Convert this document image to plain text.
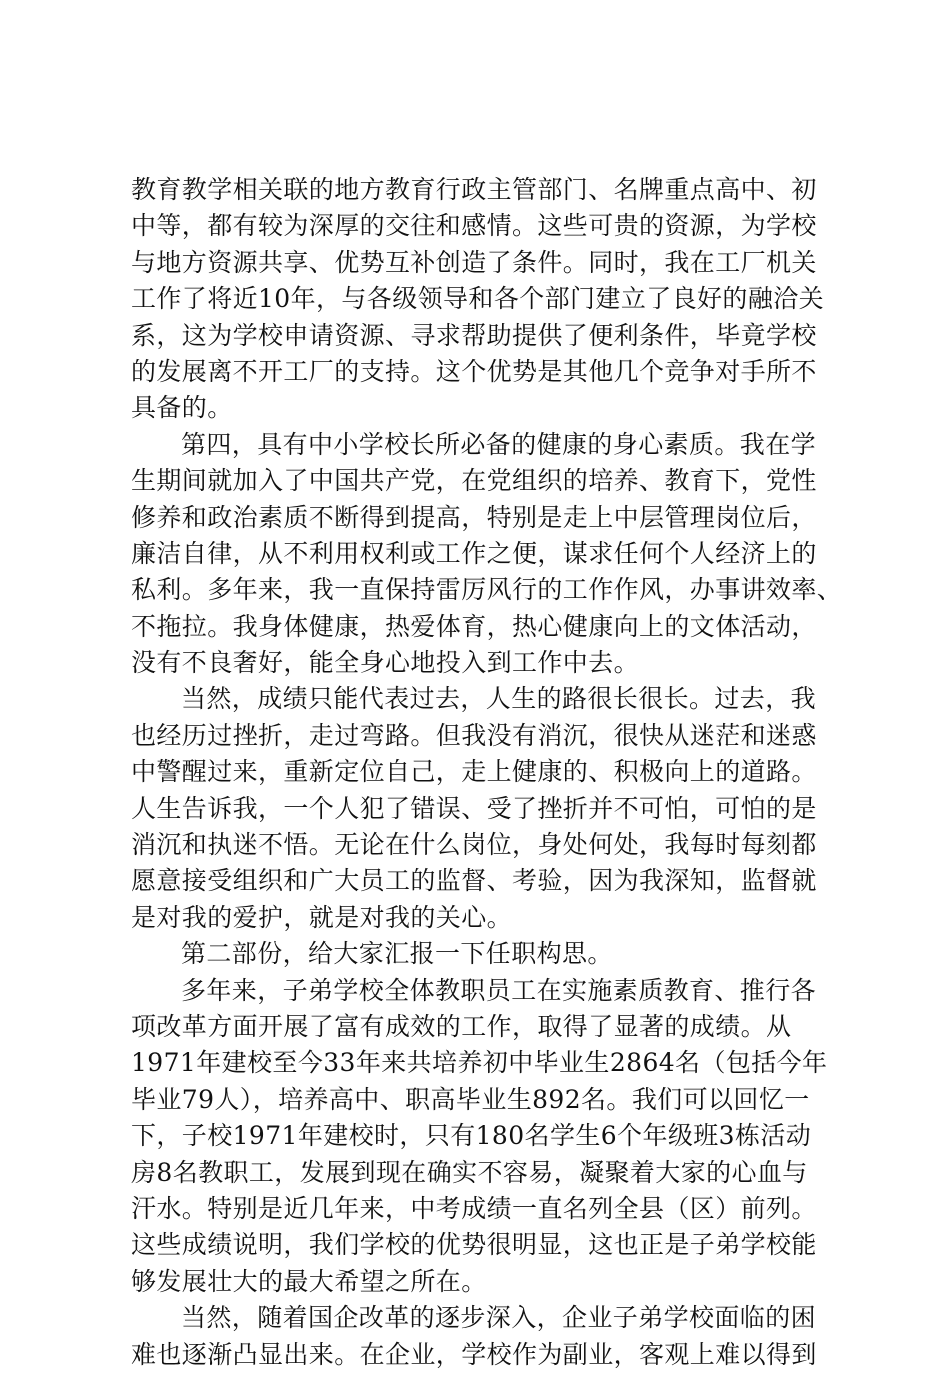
教育教学相关联的地方教育行政主管部门、名牌重点高中、初
中等，都有较为深厚的交往和感情。这些可贵的资源，为学校
与地方资源共享、优势互补创造了条件。同时，我在工厂机关
工作了将近10年，与各级领导和各个部门建立了良好的融洽关
系，这为学校申请资源、寻求帮助提供了便利条件，毕竟学校
的发展离不开工厂的支持。这个优势是其他几个竞争对手所不
具备的。
第四，具有中小学校长所必备的健康的身心素质。我在学
生期间就加入了中国共产党，在党组织的培养、教育下，党性
修养和政治素质不断得到提高，特别是走上中层管理岗位后，
廉洁自律，从不利用权利或工作之便，谋求任何个人经济上的
私利。多年来，我一直保持雷厉风行的工作作风，办事讲效率、
不拖拉。我身体健康，热爱体育，热心健康向上的文体活动，
没有不良奢好，能全身心地投入到工作中去。
当然，成绩只能代表过去，人生的路很长很长。过去，我
也经历过挫折，走过弯路。但我没有消沉，很快从迷茫和迷惑
中警醒过来，重新定位自己，走上健康的、积极向上的道路。
人生告诉我，一个人犯了错误、受了挫折并不可怕，可怕的是
消沉和执迷不悟。无论在什么岗位，身处何处，我每时每刻都
愿意接受组织和广大员工的监督、考验，因为我深知，监督就
是对我的爱护，就是对我的关心。
第二部份，给大家汇报一下任职构思。
多年来，子弟学校全体教职员工在实施素质教育、推行各
项改革方面开展了富有成效的工作，取得了显著的成绩。从
1971年建校至今33年来共培养初中毕业生2864名（包括今年
毕业79人），培养高中、职高毕业生892名。我们可以回忆一
下，子校1971年建校时，只有180名学生6个年级班3栋活动
房8名教职工，发展到现在确实不容易，凝聚着大家的心血与
汗水。特别是近几年来，中考成绩一直名列全县（区）前列。
这些成绩说明，我们学校的优势很明显，这也正是子弟学校能
够发展壮大的最大希望之所在。
当然，随着国企改革的逐步深入，企业子弟学校面临的困
难也逐渐凸显出来。在企业，学校作为副业，客观上难以得到
